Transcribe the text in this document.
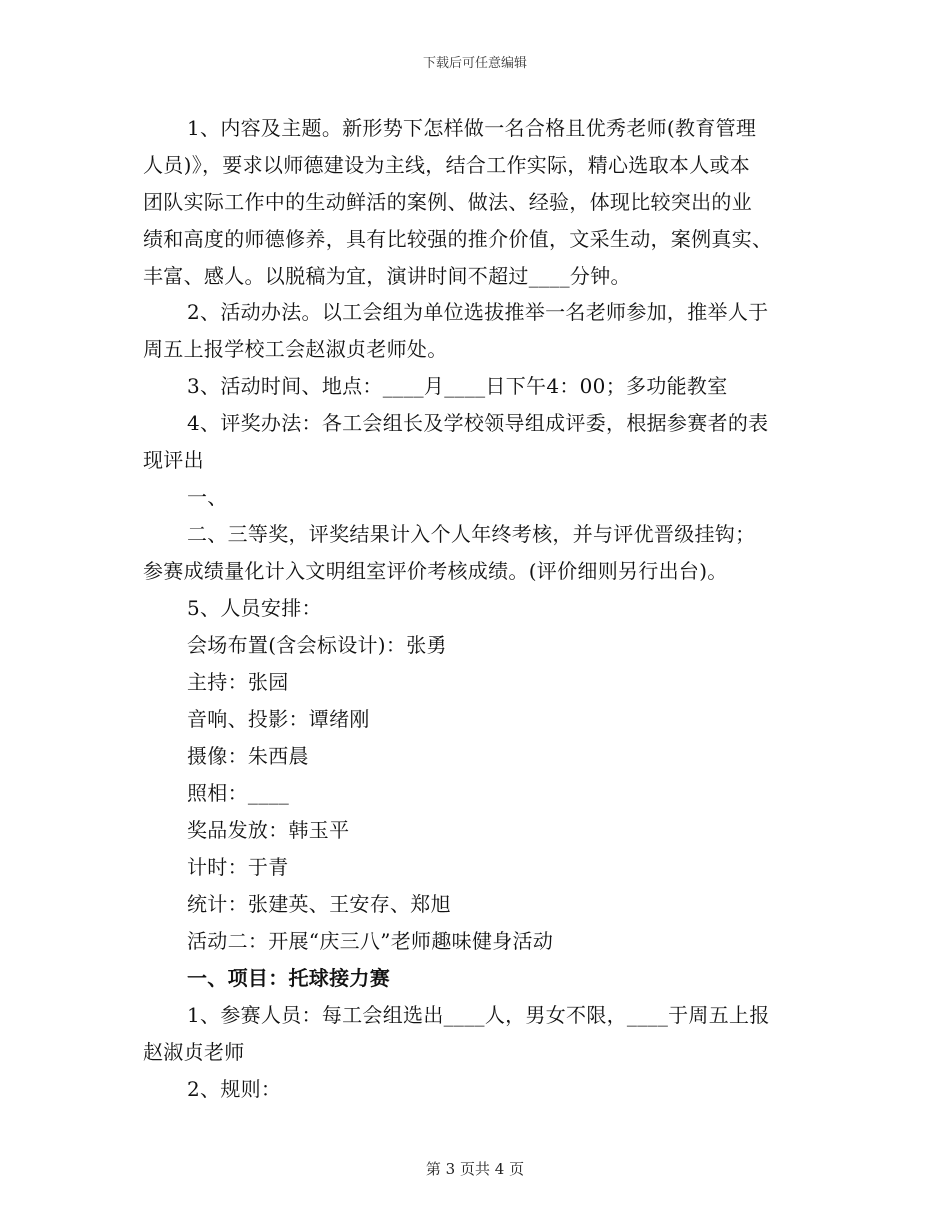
下载后可任意编辑
1、内容及主题。新形势下怎样做一名合格且优秀老师(教育管理
人员)》，要求以师德建设为主线，结合工作实际，精心选取本人或本
团队实际工作中的生动鲜活的案例、做法、经验，体现比较突出的业
绩和高度的师德修养，具有比较强的推介价值，文采生动，案例真实、
丰富、感人。以脱稿为宜，演讲时间不超过____分钟。
2、活动办法。以工会组为单位选拔推举一名老师参加，推举人于
周五上报学校工会赵淑贞老师处。
3、活动时间、地点：____月____日下午4：00；多功能教室
4、评奖办法：各工会组长及学校领导组成评委，根据参赛者的表
现评出
一、
二、三等奖，评奖结果计入个人年终考核，并与评优晋级挂钩；
参赛成绩量化计入文明组室评价考核成绩。(评价细则另行出台)。
5、人员安排：
会场布置(含会标设计)：张勇
主持：张园
音响、投影：谭绪刚
摄像：朱西晨
照相：____
奖品发放：韩玉平
计时：于青
统计：张建英、王安存、郑旭
活动二：开展“庆三八”老师趣味健身活动
一、项目：托球接力赛
1、参赛人员：每工会组选出____人，男女不限，____于周五上报
赵淑贞老师
2、规则：
第 3 页共 4 页
